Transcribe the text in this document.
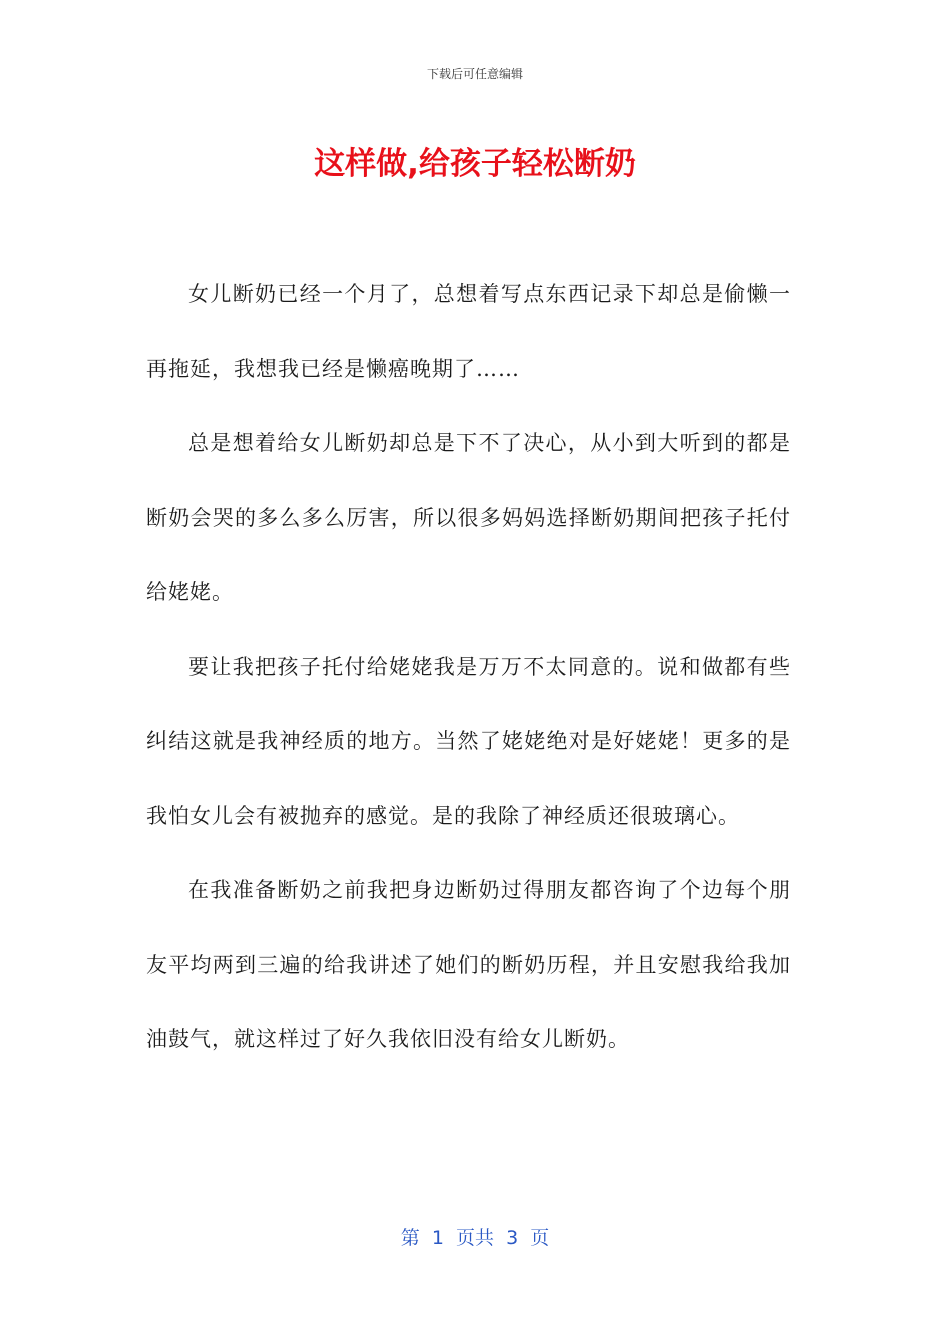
下载后可任意编辑
这样做,给孩子轻松断奶

女儿断奶已经一个月了，总想着写点东西记录下却总是偷懒一再拖延，我想我已经是懒癌晚期了……

总是想着给女儿断奶却总是下不了决心，从小到大听到的都是断奶会哭的多么多么厉害，所以很多妈妈选择断奶期间把孩子托付给姥姥。

要让我把孩子托付给姥姥我是万万不太同意的。说和做都有些纠结这就是我神经质的地方。当然了姥姥绝对是好姥姥！更多的是我怕女儿会有被抛弃的感觉。是的我除了神经质还很玻璃心。

在我准备断奶之前我把身边断奶过得朋友都咨询了个边每个朋友平均两到三遍的给我讲述了她们的断奶历程，并且安慰我给我加油鼓气，就这样过了好久我依旧没有给女儿断奶。

第  1  页共  3  页
